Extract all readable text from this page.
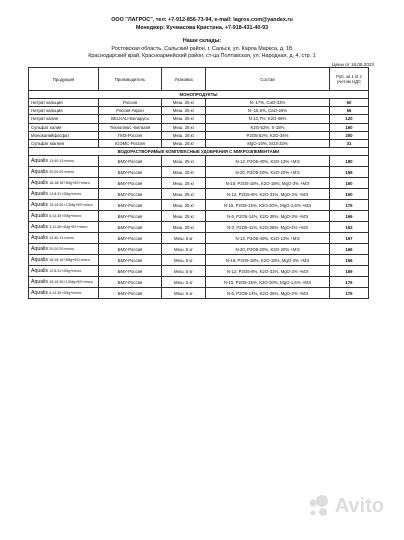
ООО "ЛАГРОС", тел: +7-912-856-73-94, e-mail: lagros.com@yandex.ru
Менеджер: Кучмасова Кристина, +7-918-431-40-93
Наши склады:
Ростовская область, Сальский район, г. Сальск, ул. Карла Маркса, д. 1Б
Краснодарский край, Красноармейский район, ст-ца Полтавская, ул. Народная, д. 4, стр. 1
Цены от 16.05.2023
Продукция	Производитель	Упаковка	Состав	Руб. за 1 кг с учетом НДС
МОНОПРОДУКТЫ				
Нитрат кальция	Россия	Меш. 25 кг	N- 17%, CaO-33%	60
Нитрат кальция	Россия-Акрон	Меш. 25 кг	N- 15,5%, CaO-26%	56
Нитрат калия	BELKALI-Беларусь	Меш. 25 кг	N-13,7%; K2O-46%	120
Сульфат калия	Техноплюс -Бельгия	Меш. 25 кг	K2O-52%, S-18%	160
Монокалийфосфат	ГМЗ-Россия	Меш. 25 кг	P2O5-52%, K2O-34%	200
Сульфат магния	ЮЭМС-Россия	Меш. 25 кг	MgO-16%, SO3-32%	31
ВОДОРАСТВОРИМЫЕ КОМПЛЕКСНЫЕ УДОБРЕНИЯ С МИКРОЭЛЕМЕНТАМИ				
Aqualis 13:40:13+micro	БМУ-Россия	Меш. 25 кг	N-13, P2O5-40%, K2O-13% +МЭ	180
Aqualis 20:20:20+micro	БМУ-Россия	Меш. 25 кг	N-20, P2O5-20%, K2O-20% +МЭ	158
Aqualis 18:18:18+3Mg+6S+micro	БМУ-Россия	Меш. 25 кг	N-18, P2O5-18%, K2O-18%, MgO-3% +МЭ	160
Aqualis 12:8:31+2Mg+micro	БМУ-Россия	Меш. 25 кг	N-12, P2O5-8%, K2O-31%, MgO-2% +МЭ	160
Aqualis 15:15:30+1,5Mg+5S+micro	БМУ-Россия	Меш. 25 кг	N-15, P2O5-15%, K2O-30%, MgO-1,5% +МЭ	176
Aqualis 6:14:35+2Mg+micro	БМУ-Россия	Меш. 25 кг	N-6, P2O5-14%, K2O-35%, MgO-2% +МЭ	166
Aqualis 3:11:38+4Mg+5S+micro	БМУ-Россия	Меш. 25 кг	N-3, P2O5-11%, K2O-38%, MgO-4% +МЭ	163
Aqualis 13:40:13+micro	БМУ-Россия	Меш. 5 кг	N-13, P2O5-40%, K2O-13% +МЭ	197
Aqualis 20:20:20+micro	БМУ-Россия	Меш. 5 кг	N-20, P2O5-20%, K2O-20% +МЭ	166
Aqualis 18:18:18+3Mg+6S+micro	БМУ-Россия	Меш. 5 кг	N-18, P2O5-18%, K2O-18%, MgO-3% +МЭ	166
Aqualis 12:8:31+2Mg+micro	БМУ-Россия	Меш. 5 кг	N-12, P2O5-8%, K2O-31%, MgO-2% +МЭ	169
Aqualis 15:15:30+1,5Mg+5S+micro	БМУ-Россия	Меш. 5 кг	N-15, P2O5-15%, K2O-30%, MgO-1,5% +МЭ	176
Aqualis 6:14:35+2Mg+micro	БМУ-Россия	Меш. 5 кг	N-6, P2O5-14%, K2O-35%, MgO-2% +МЭ	176
Avito
